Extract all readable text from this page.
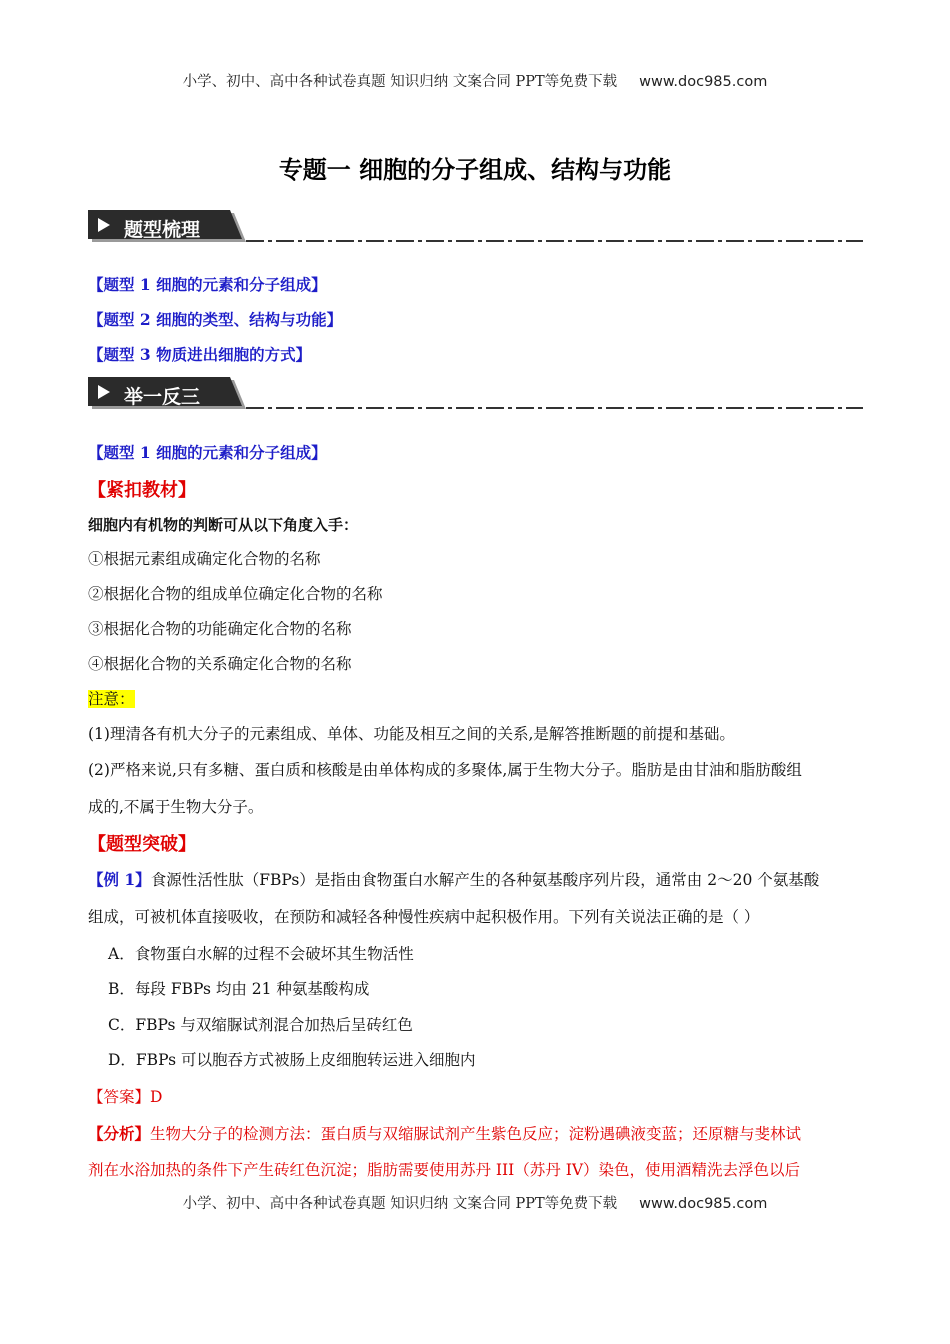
小学、初中、高中各种试卷真题 知识归纳 文案合同 PPT等免费下载 www.doc985.com
专题一 细胞的分子组成、结构与功能
题型梳理
【题型 1 细胞的元素和分子组成】
【题型 2 细胞的类型、结构与功能】
【题型 3 物质进出细胞的方式】
举一反三
【题型 1 细胞的元素和分子组成】
【紧扣教材】
细胞内有机物的判断可从以下角度入手：
①根据元素组成确定化合物的名称
②根据化合物的组成单位确定化合物的名称
③根据化合物的功能确定化合物的名称
④根据化合物的关系确定化合物的名称
注意：
(1)理清各有机大分子的元素组成、单体、功能及相互之间的关系,是解答推断题的前提和基础。
(2)严格来说,只有多糖、蛋白质和核酸是由单体构成的多聚体,属于生物大分子。脂肪是由甘油和脂肪酸组
成的,不属于生物大分子。
【题型突破】
【例 1】食源性活性肽（FBPs）是指由食物蛋白水解产生的各种氨基酸序列片段，通常由 2～20 个氨基酸
组成，可被机体直接吸收，在预防和减轻各种慢性疾病中起积极作用。下列有关说法正确的是（ ）
A．食物蛋白水解的过程不会破坏其生物活性
B．每段 FBPs 均由 21 种氨基酸构成
C．FBPs 与双缩脲试剂混合加热后呈砖红色
D．FBPs 可以胞吞方式被肠上皮细胞转运进入细胞内
【答案】D
【分析】生物大分子的检测方法：蛋白质与双缩脲试剂产生紫色反应；淀粉遇碘液变蓝；还原糖与斐林试
剂在水浴加热的条件下产生砖红色沉淀；脂肪需要使用苏丹 III（苏丹 IV）染色，使用酒精洗去浮色以后
小学、初中、高中各种试卷真题 知识归纳 文案合同 PPT等免费下载 www.doc985.com
